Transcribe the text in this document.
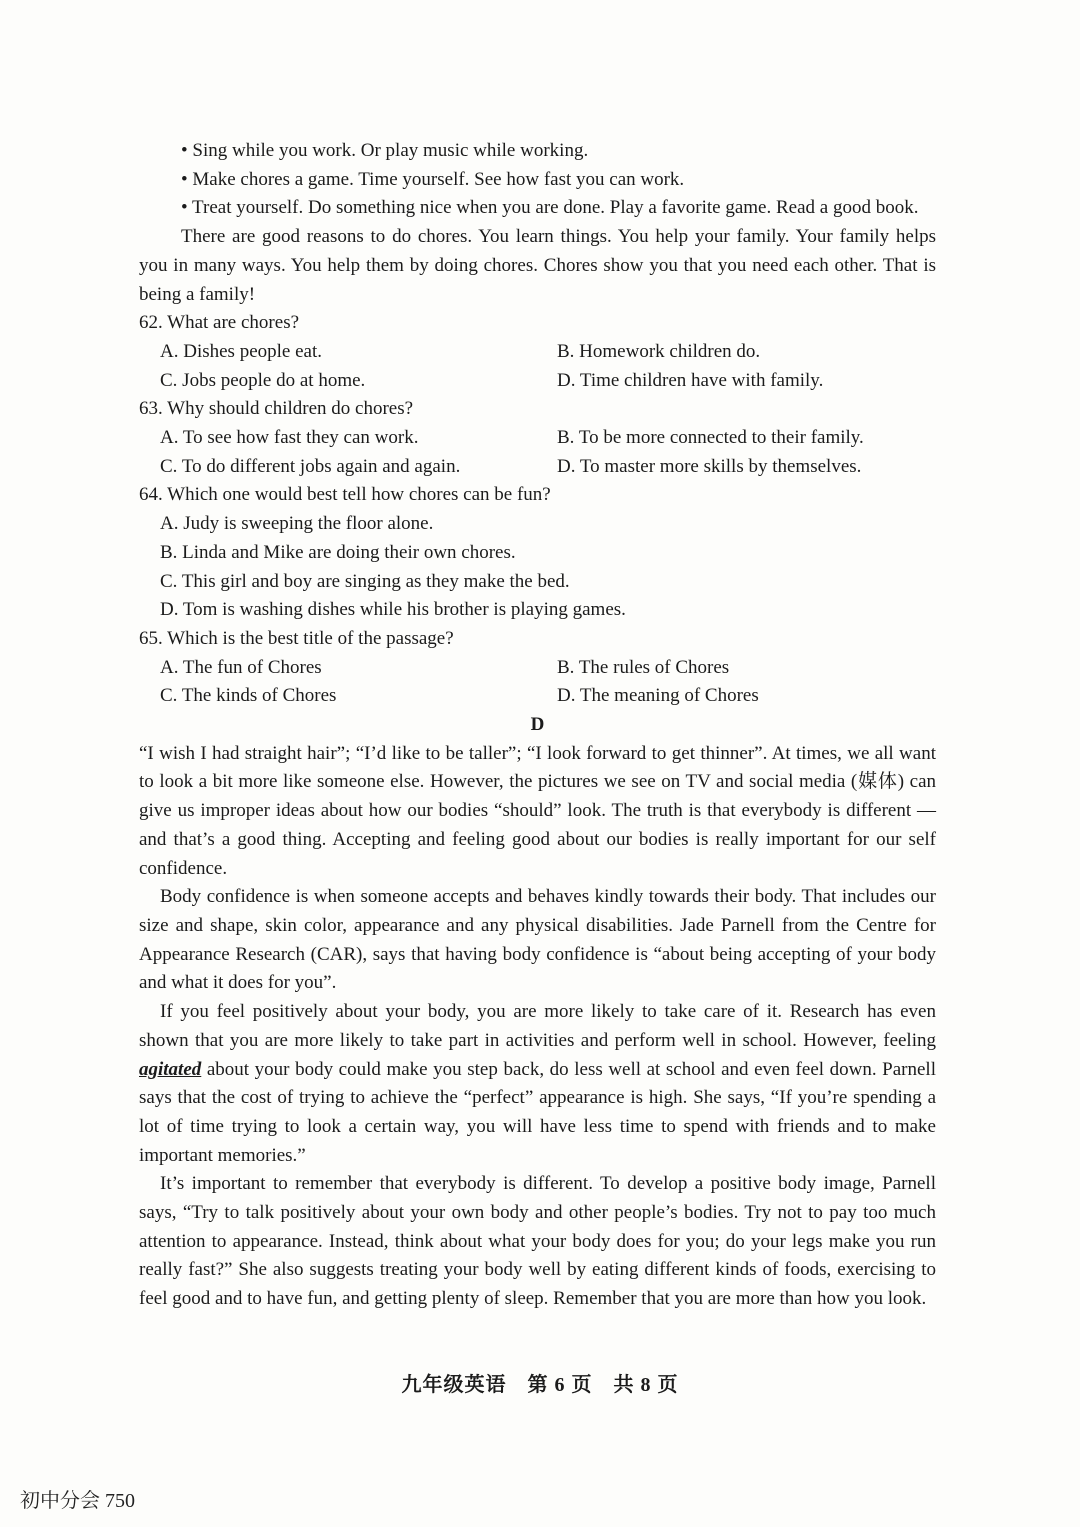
• Sing while you work. Or play music while working.

• Make chores a game. Time yourself. See how fast you can work.

• Treat yourself. Do something nice when you are done. Play a favorite game. Read a good book.

There are good reasons to do chores. You learn things. You help your family. Your family helps you in many ways. You help them by doing chores. Chores show you that you need each other. That is being a family!

62. What are chores?

A. Dishes people eat.	B. Homework children do.
C. Jobs people do at home.	D. Time children have with family.

63. Why should children do chores?

A. To see how fast they can work.	B. To be more connected to their family.
C. To do different jobs again and again.	D. To master more skills by themselves.

64. Which one would best tell how chores can be fun?

A. Judy is sweeping the floor alone.
B. Linda and Mike are doing their own chores.
C. This girl and boy are singing as they make the bed.
D. Tom is washing dishes while his brother is playing games.

65. Which is the best title of the passage?

A. The fun of Chores	B. The rules of Chores
C. The kinds of Chores	D. The meaning of Chores

D

“I wish I had straight hair”; “I’d like to be taller”; “I look forward to get thinner”. At times, we all want to look a bit more like someone else. However, the pictures we see on TV and social media (媒体) can give us improper ideas about how our bodies “should” look. The truth is that everybody is different — and that’s a good thing. Accepting and feeling good about our bodies is really important for our self confidence.

Body confidence is when someone accepts and behaves kindly towards their body. That includes our size and shape, skin color, appearance and any physical disabilities. Jade Parnell from the Centre for Appearance Research (CAR), says that having body confidence is “about being accepting of your body and what it does for you”.

If you feel positively about your body, you are more likely to take care of it. Research has even shown that you are more likely to take part in activities and perform well in school. However, feeling agitated about your body could make you step back, do less well at school and even feel down. Parnell says that the cost of trying to achieve the “perfect” appearance is high. She says, “If you’re spending a lot of time trying to look a certain way, you will have less time to spend with friends and to make important memories.”

It’s important to remember that everybody is different. To develop a positive body image, Parnell says, “Try to talk positively about your own body and other people’s bodies. Try not to pay too much attention to appearance. Instead, think about what your body does for you; do your legs make you run really fast?” She also suggests treating your body well by eating different kinds of foods, exercising to feel good and to have fun, and getting plenty of sleep. Remember that you are more than how you look.

九年级英语　第 6 页　共 8 页
初中分会 750
